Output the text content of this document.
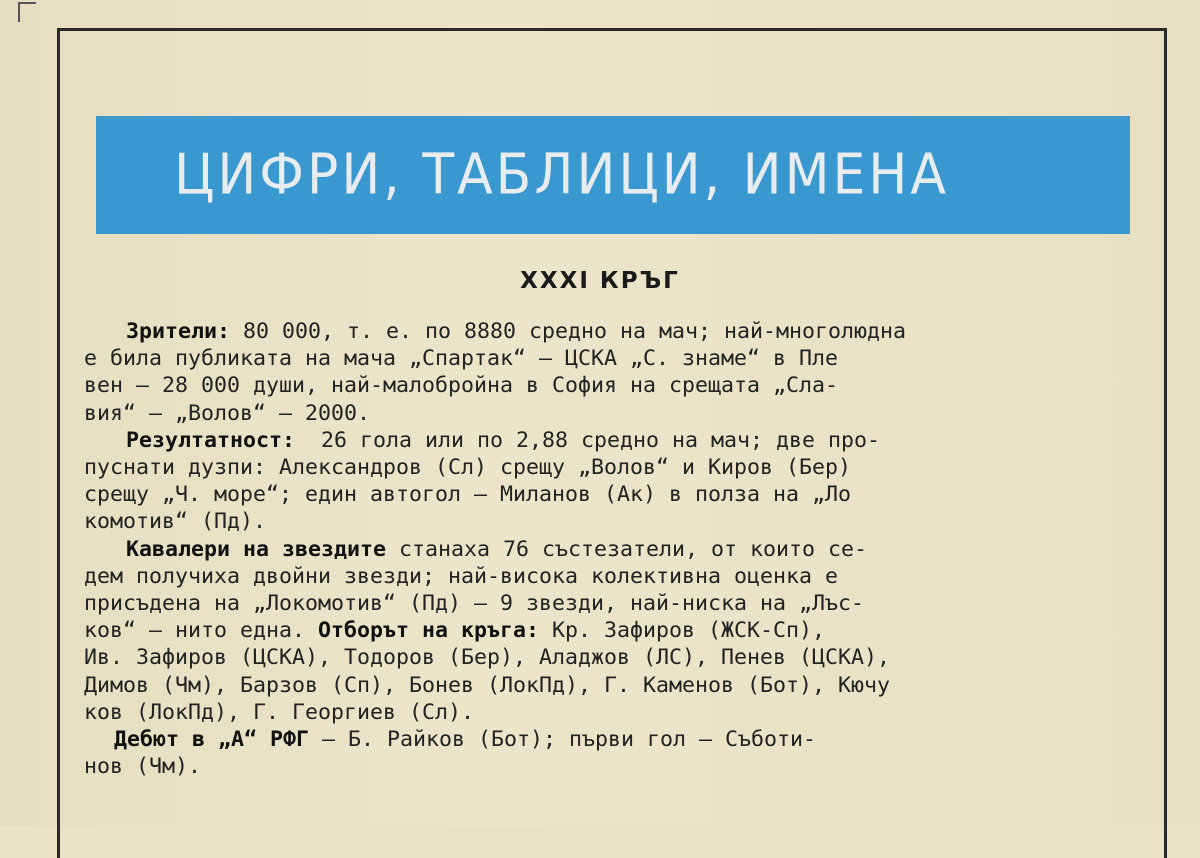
ЦИФРИ, ТАБЛИЦИ, ИМЕНА
XXXI КРЪГ
Зрители: 80 000, т. е. по 8880 средно на мач; най-многолюдна
е била публиката на мача „Спартак“ — ЦСКА „С. знаме“ в Пле
вен — 28 000 души, най-малобройна в София на срещата „Сла-
вия“ — „Волов“ — 2000.
Резултатност:  26 гола или по 2,88 средно на мач; две про-
пуснати дузпи: Александров (Сл) срещу „Волов“ и Киров (Бер)
срещу „Ч. море“; един автогол — Миланов (Ак) в полза на „Ло
комотив“ (Пд).
Кавалери на звездите станаха 76 състезатели, от които се-
дем получиха двойни звезди; най-висока колективна оценка е
присъдена на „Локомотив“ (Пд) — 9 звезди, най-ниска на „Лъс-
ков“ — нито една. Отборът на кръга: Кр. Зафиров (ЖСК-Сп),
Ив. Зафиров (ЦСКА), Тодоров (Бер), Аладжов (ЛС), Пенев (ЦСКА),
Димов (Чм), Барзов (Сп), Бонев (ЛокПд), Г. Каменов (Бот), Кючу
ков (ЛокПд), Г. Георгиев (Сл).
Дебют в „А“ РФГ — Б. Райков (Бот); първи гол — Съботи-
нов (Чм).
